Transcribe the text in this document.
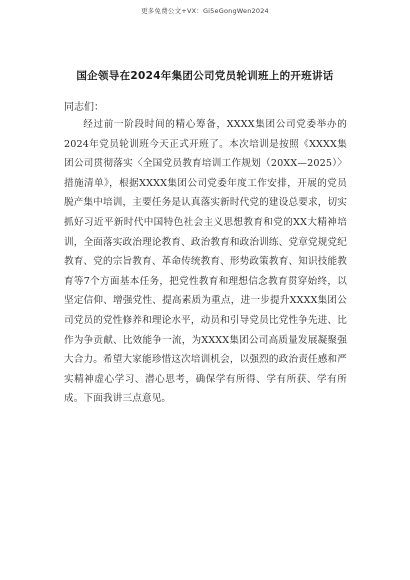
更多免费公文+VX：Gi5eGongWen2024
国企领导在2024年集团公司党员轮训班上的开班讲话
同志们：

经过前一阶段时间的精心筹备，XXXX集团公司党委举办的2024年党员轮训班今天正式开班了。本次培训是按照《XXXX集团公司贯彻落实〈全国党员教育培训工作规划（20XX—2025）〉措施清单》，根据XXXX集团公司党委年度工作安排，开展的党员脱产集中培训，主要任务是认真落实新时代党的建设总要求，切实抓好习近平新时代中国特色社会主义思想教育和党的XX大精神培训，全面落实政治理论教育、政治教育和政治训练、党章党规党纪教育、党的宗旨教育、革命传统教育、形势政策教育、知识技能教育等7个方面基本任务，把党性教育和理想信念教育贯穿始终，以坚定信仰、增强党性、提高素质为重点，进一步提升XXXX集团公司党员的党性修养和理论水平，动员和引导党员比党性争先进、比作为争贡献、比效能争一流，为XXXX集团公司高质量发展凝聚强大合力。希望大家能珍惜这次培训机会，以强烈的政治责任感和严实精神虚心学习、潜心思考，确保学有所得、学有所获、学有所成。下面我讲三点意见。
